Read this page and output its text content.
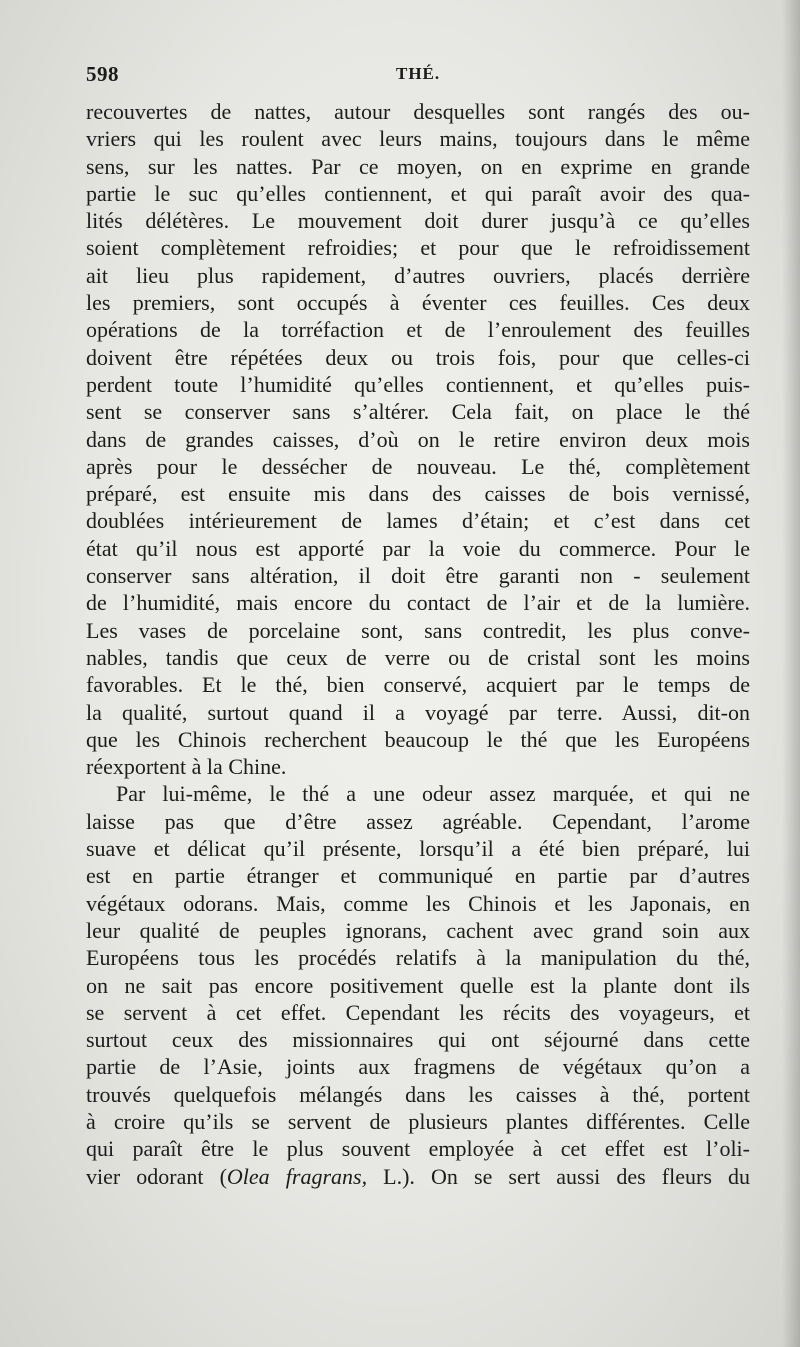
598	THÉ.
recouvertes de nattes, autour desquelles sont rangés des ou-
vriers qui les roulent avec leurs mains, toujours dans le même
sens, sur les nattes. Par ce moyen, on en exprime en grande
partie le suc qu’elles contiennent, et qui paraît avoir des qua-
lités délétères. Le mouvement doit durer jusqu’à ce qu’elles
soient complètement refroidies; et pour que le refroidissement
ait lieu plus rapidement, d’autres ouvriers, placés derrière
les premiers, sont occupés à éventer ces feuilles. Ces deux
opérations de la torréfaction et de l’enroulement des feuilles
doivent être répétées deux ou trois fois, pour que celles-ci
perdent toute l’humidité qu’elles contiennent, et qu’elles puis-
sent se conserver sans s’altérer. Cela fait, on place le thé
dans de grandes caisses, d’où on le retire environ deux mois
après pour le dessécher de nouveau. Le thé, complètement
préparé, est ensuite mis dans des caisses de bois vernissé,
doublées intérieurement de lames d’étain; et c’est dans cet
état qu’il nous est apporté par la voie du commerce. Pour le
conserver sans altération, il doit être garanti non - seulement
de l’humidité, mais encore du contact de l’air et de la lumière.
Les vases de porcelaine sont, sans contredit, les plus conve-
nables, tandis que ceux de verre ou de cristal sont les moins
favorables. Et le thé, bien conservé, acquiert par le temps de
la qualité, surtout quand il a voyagé par terre. Aussi, dit-on
que les Chinois recherchent beaucoup le thé que les Européens
réexportent à la Chine.
Par lui-même, le thé a une odeur assez marquée, et qui ne
laisse pas que d’être assez agréable. Cependant, l’arome
suave et délicat qu’il présente, lorsqu’il a été bien préparé, lui
est en partie étranger et communiqué en partie par d’autres
végétaux odorans. Mais, comme les Chinois et les Japonais, en
leur qualité de peuples ignorans, cachent avec grand soin aux
Européens tous les procédés relatifs à la manipulation du thé,
on ne sait pas encore positivement quelle est la plante dont ils
se servent à cet effet. Cependant les récits des voyageurs, et
surtout ceux des missionnaires qui ont séjourné dans cette
partie de l’Asie, joints aux fragmens de végétaux qu’on a
trouvés quelquefois mélangés dans les caisses à thé, portent
à croire qu’ils se servent de plusieurs plantes différentes. Celle
qui paraît être le plus souvent employée à cet effet est l’oli-
vier odorant (Olea fragrans, L.). On se sert aussi des fleurs du
